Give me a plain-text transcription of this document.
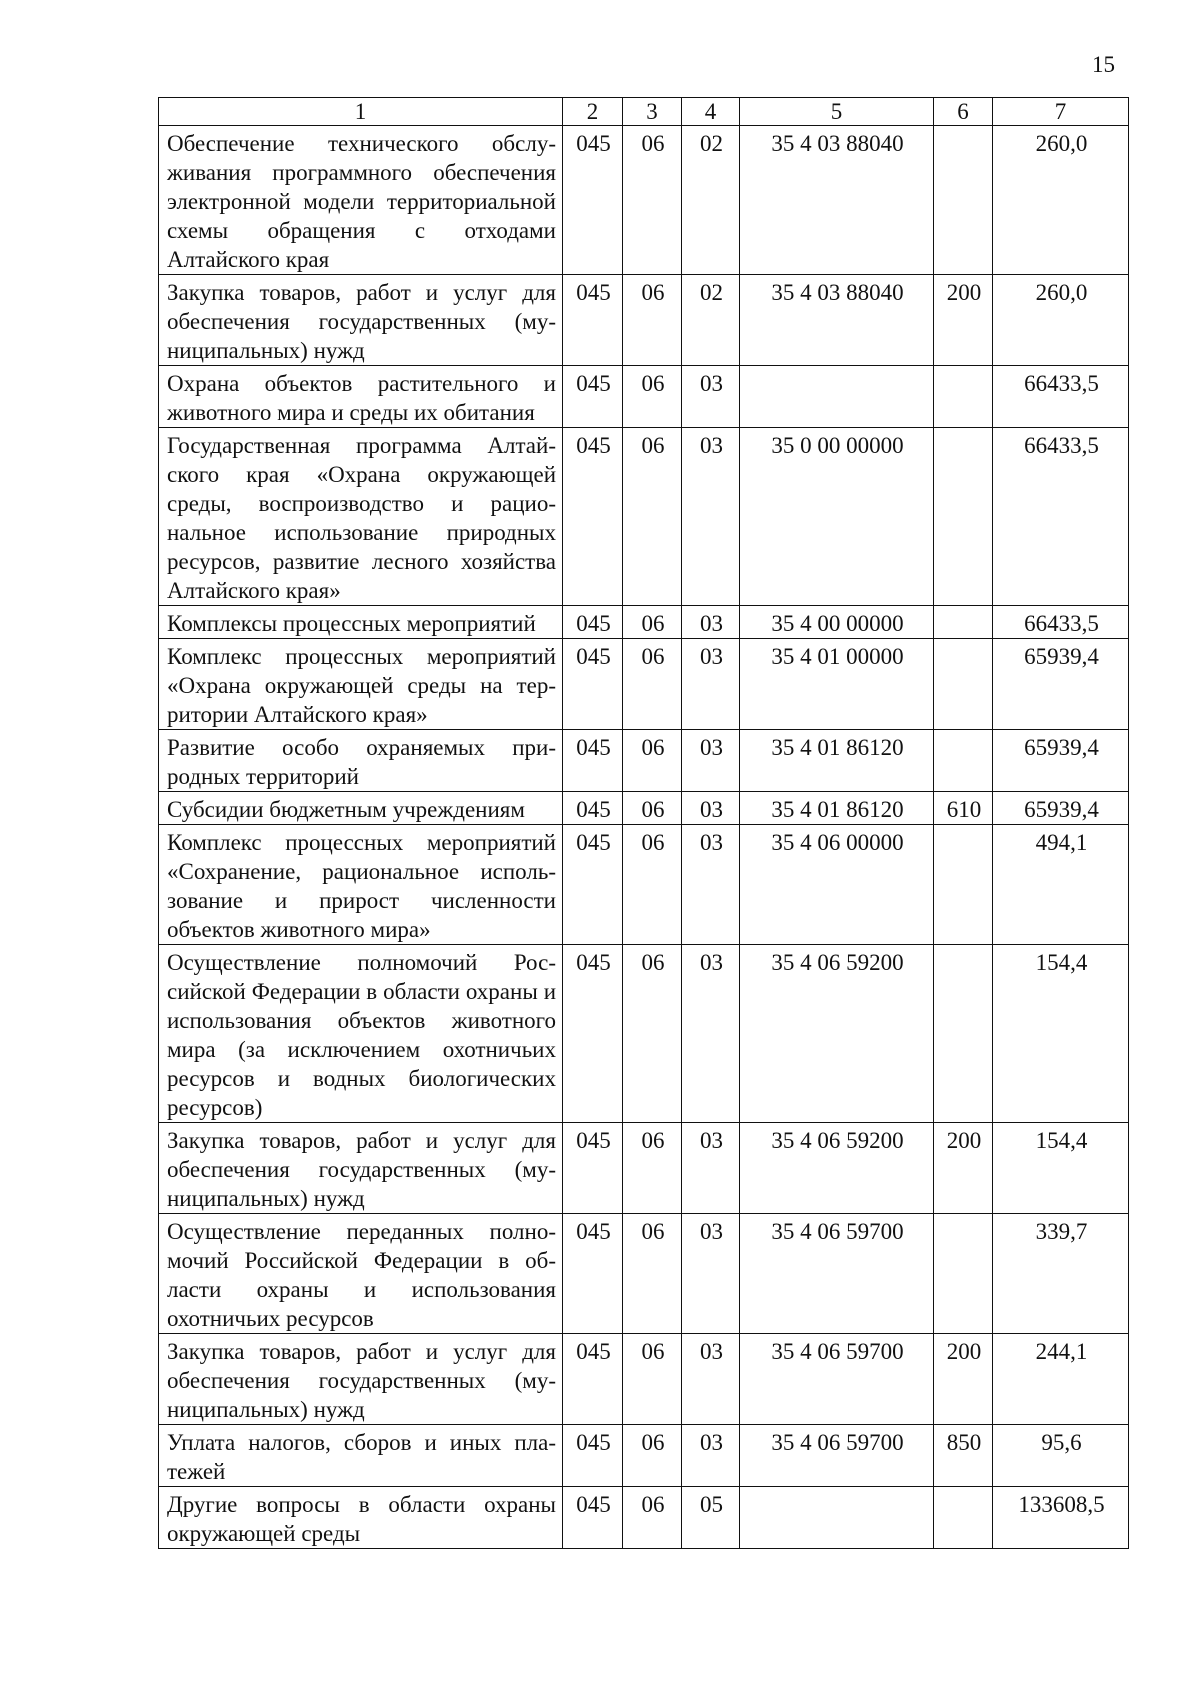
15
1	2	3	4	5	6	7
Обеспечение технического обслуживания программного обеспечения электронной модели территориальной схемы обращения с отходами Алтайского края	045	06	02	35 4 03 88040		260,0
Закупка товаров, работ и услуг для обеспечения государственных (муниципальных) нужд	045	06	02	35 4 03 88040	200	260,0
Охрана объектов растительного и животного мира и среды их обитания	045	06	03			66433,5
Государственная программа Алтайского края «Охрана окружающей среды, воспроизводство и рациональное использование природных ресурсов, развитие лесного хозяйства Алтайского края»	045	06	03	35 0 00 00000		66433,5
Комплексы процессных мероприятий	045	06	03	35 4 00 00000		66433,5
Комплекс процессных мероприятий «Охрана окружающей среды на территории Алтайского края»	045	06	03	35 4 01 00000		65939,4
Развитие особо охраняемых природных территорий	045	06	03	35 4 01 86120		65939,4
Субсидии бюджетным учреждениям	045	06	03	35 4 01 86120	610	65939,4
Комплекс процессных мероприятий «Сохранение, рациональное использование и прирост численности объектов животного мира»	045	06	03	35 4 06 00000		494,1
Осуществление полномочий Российской Федерации в области охраны и использования объектов животного мира (за исключением охотничьих ресурсов и водных биологических ресурсов)	045	06	03	35 4 06 59200		154,4
Закупка товаров, работ и услуг для обеспечения государственных (муниципальных) нужд	045	06	03	35 4 06 59200	200	154,4
Осуществление переданных полномочий Российской Федерации в области охраны и использования охотничьих ресурсов	045	06	03	35 4 06 59700		339,7
Закупка товаров, работ и услуг для обеспечения государственных (муниципальных) нужд	045	06	03	35 4 06 59700	200	244,1
Уплата налогов, сборов и иных платежей	045	06	03	35 4 06 59700	850	95,6
Другие вопросы в области охраны окружающей среды	045	06	05			133608,5
